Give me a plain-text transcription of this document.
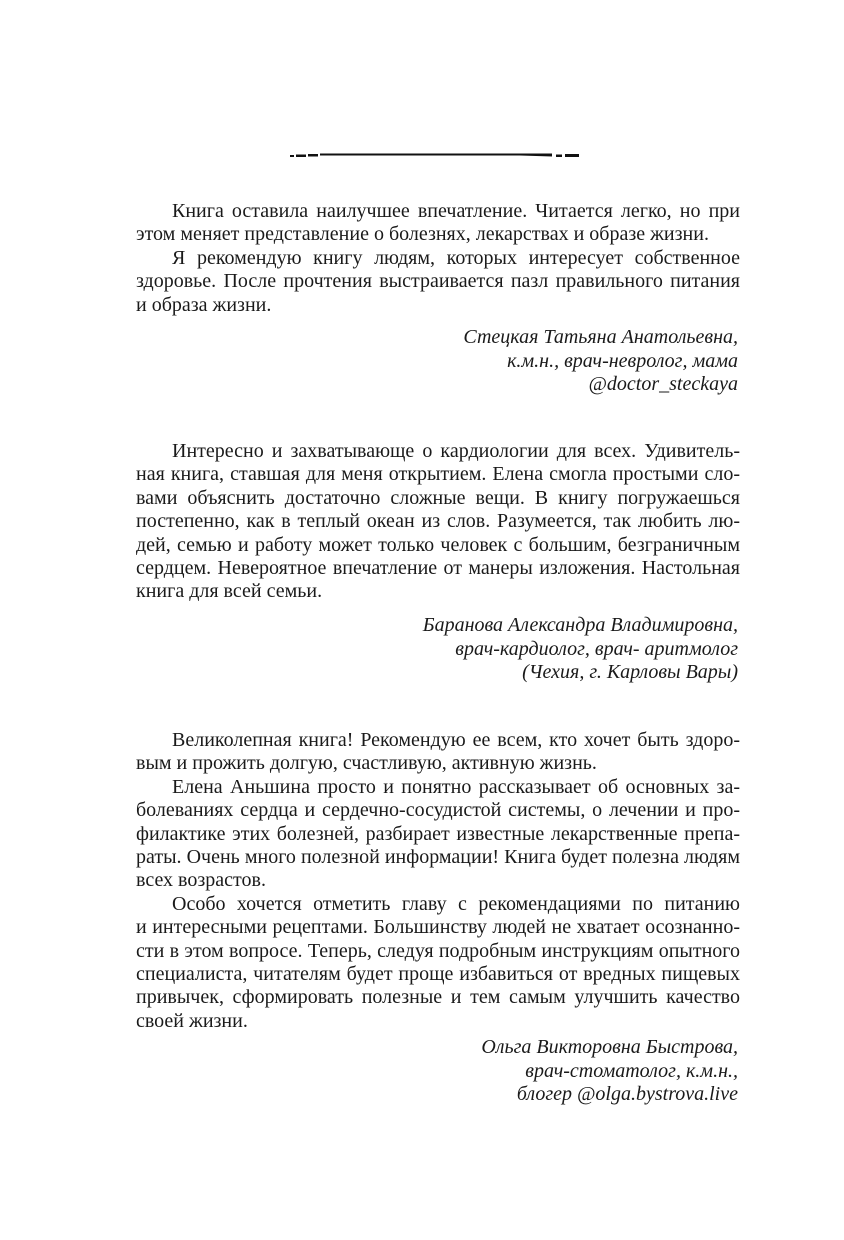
Книга оставила наилучшее впечатление. Читается легко, но при
этом меняет представление о болезнях, лекарствах и образе жизни.
Я рекомендую книгу людям, которых интересует собственное
здоровье. После прочтения выстраивается пазл правильного питания
и образа жизни.
Стецкая Татьяна Анатольевна,
к.м.н., врач-невролог, мама
@doctor_steckaya
Интересно и захватывающе о кардиологии для всех. Удивитель-
ная книга, ставшая для меня открытием. Елена смогла простыми сло-
вами объяснить достаточно сложные вещи. В книгу погружаешься
постепенно, как в теплый океан из слов. Разумеется, так любить лю-
дей, семью и работу может только человек с большим, безграничным
сердцем. Невероятное впечатление от манеры изложения. Настольная
книга для всей семьи.
Баранова Александра Владимировна,
врач-кардиолог, врач- аритмолог
(Чехия, г. Карловы Вары)
Великолепная книга! Рекомендую ее всем, кто хочет быть здоро-
вым и прожить долгую, счастливую, активную жизнь.
Елена Аньшина просто и понятно рассказывает об основных за-
болеваниях сердца и сердечно-сосудистой системы, о лечении и про-
филактике этих болезней, разбирает известные лекарственные препа-
раты. Очень много полезной информации! Книга будет полезна людям
всех возрастов.
Особо хочется отметить главу с рекомендациями по питанию
и интересными рецептами. Большинству людей не хватает осознанно-
сти в этом вопросе. Теперь, следуя подробным инструкциям опытного
специалиста, читателям будет проще избавиться от вредных пищевых
привычек, сформировать полезные и тем самым улучшить качество
своей жизни.
Ольга Викторовна Быстрова,
врач-стоматолог, к.м.н.,
блогер @olga.bystrova.live
